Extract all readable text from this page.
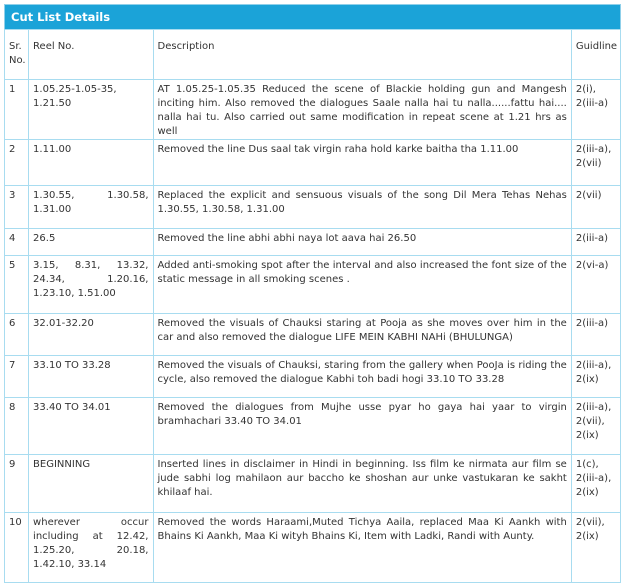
Cut List Details
Sr. No.	Reel No.	Description	Guidline
1	1.05.25-1.05-35, 1.21.50	AT 1.05.25-1.05.35 Reduced the scene of Blackie holding gun and Mangesh inciting him. Also removed the dialogues Saale nalla hai tu nalla......fattu hai.... nalla hai tu. Also carried out same modification in repeat scene at 1.21 hrs as well	2(i), 2(iii-a)
2	1.11.00	Removed the line Dus saal tak virgin raha hold karke baitha tha 1.11.00	2(iii-a), 2(vii)
3	1.30.55, 1.30.58, 1.31.00	Replaced the explicit and sensuous visuals of the song Dil Mera Tehas Nehas 1.30.55, 1.30.58, 1.31.00	2(vii)
4	26.5	Removed the line abhi abhi naya lot aava hai 26.50	2(iii-a)
5	3.15, 8.31, 13.32, 24.34, 1.20.16, 1.23.10, 1.51.00	Added anti-smoking spot after the interval and also increased the font size of the static message in all smoking scenes .	2(vi-a)
6	32.01-32.20	Removed the visuals of Chauksi staring at Pooja as she moves over him in the car and also removed the dialogue LIFE MEIN KABHI NAHi (BHULUNGA)	2(iii-a)
7	33.10 TO 33.28	Removed the visuals of Chauksi, staring from the gallery when PooJa is riding the cycle, also removed the dialogue Kabhi toh badi hogi 33.10 TO 33.28	2(iii-a), 2(ix)
8	33.40 TO 34.01	Removed the dialogues from Mujhe usse pyar ho gaya hai yaar to virgin bramhachari 33.40 TO 34.01	2(iii-a), 2(vii), 2(ix)
9	BEGINNING	Inserted lines in disclaimer in Hindi in beginning. Iss film ke nirmata aur film se jude sabhi log mahilaon aur baccho ke shoshan aur unke vastukaran ke sakht khilaaf hai.	1(c), 2(iii-a), 2(ix)
10	wherever occur including at 12.42, 1.25.20, 20.18, 1.42.10, 33.14	Removed the words Haraami,Muted Tichya Aaila, replaced Maa Ki Aankh with Bhains Ki Aankh, Maa Ki wityh Bhains Ki, Item with Ladki, Randi with Aunty.	2(vii), 2(ix)
